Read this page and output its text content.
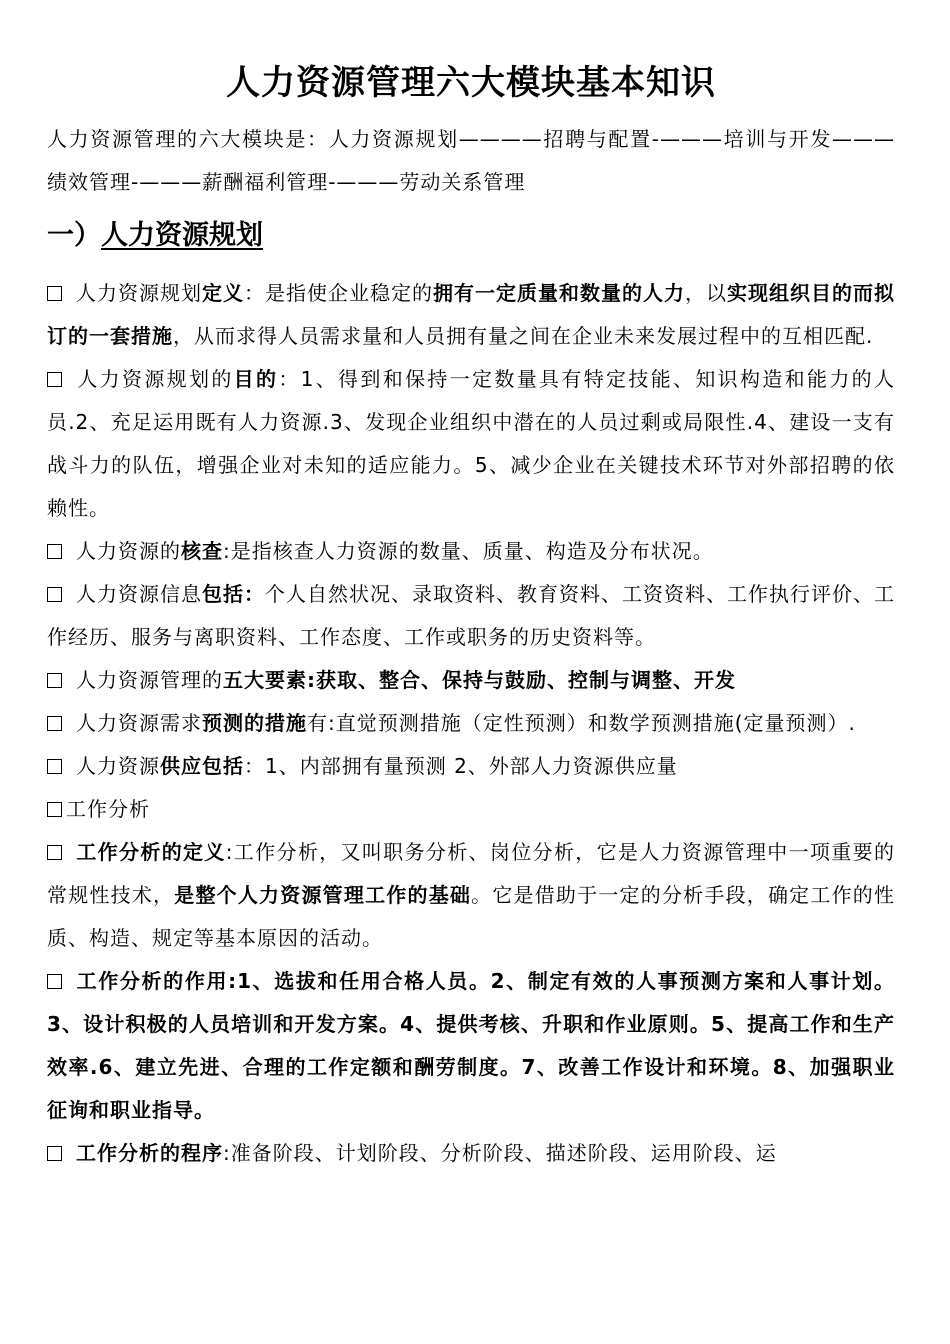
人力资源管理六大模块基本知识

人力资源管理的六大模块是：人力资源规划————招聘与配置-———培训与开发———绩效管理-———薪酬福利管理-———劳动关系管理

一）人力资源规划

人力资源规划定义：是指使企业稳定的拥有一定质量和数量的人力，以实现组织目的而拟订的一套措施，从而求得人员需求量和人员拥有量之间在企业未来发展过程中的互相匹配.

人力资源规划的目的：1、得到和保持一定数量具有特定技能、知识构造和能力的人员.2、充足运用既有人力资源.3、发现企业组织中潜在的人员过剩或局限性.4、建设一支有战斗力的队伍，增强企业对未知的适应能力。5、减少企业在关键技术环节对外部招聘的依赖性。

人力资源的核查:是指核查人力资源的数量、质量、构造及分布状况。

人力资源信息包括：个人自然状况、录取资料、教育资料、工资资料、工作执行评价、工作经历、服务与离职资料、工作态度、工作或职务的历史资料等。

人力资源管理的五大要素:获取、整合、保持与鼓励、控制与调整、开发

人力资源需求预测的措施有:直觉预测措施（定性预测）和数学预测措施(定量预测）.

人力资源供应包括：1、内部拥有量预测 2、外部人力资源供应量

工作分析

工作分析的定义:工作分析，又叫职务分析、岗位分析，它是人力资源管理中一项重要的常规性技术，是整个人力资源管理工作的基础。它是借助于一定的分析手段，确定工作的性质、构造、规定等基本原因的活动。

工作分析的作用:1、选拔和任用合格人员。2、制定有效的人事预测方案和人事计划。3、设计积极的人员培训和开发方案。4、提供考核、升职和作业原则。5、提高工作和生产效率.6、建立先进、合理的工作定额和酬劳制度。7、改善工作设计和环境。8、加强职业征询和职业指导。

工作分析的程序:准备阶段、计划阶段、分析阶段、描述阶段、运用阶段、运
